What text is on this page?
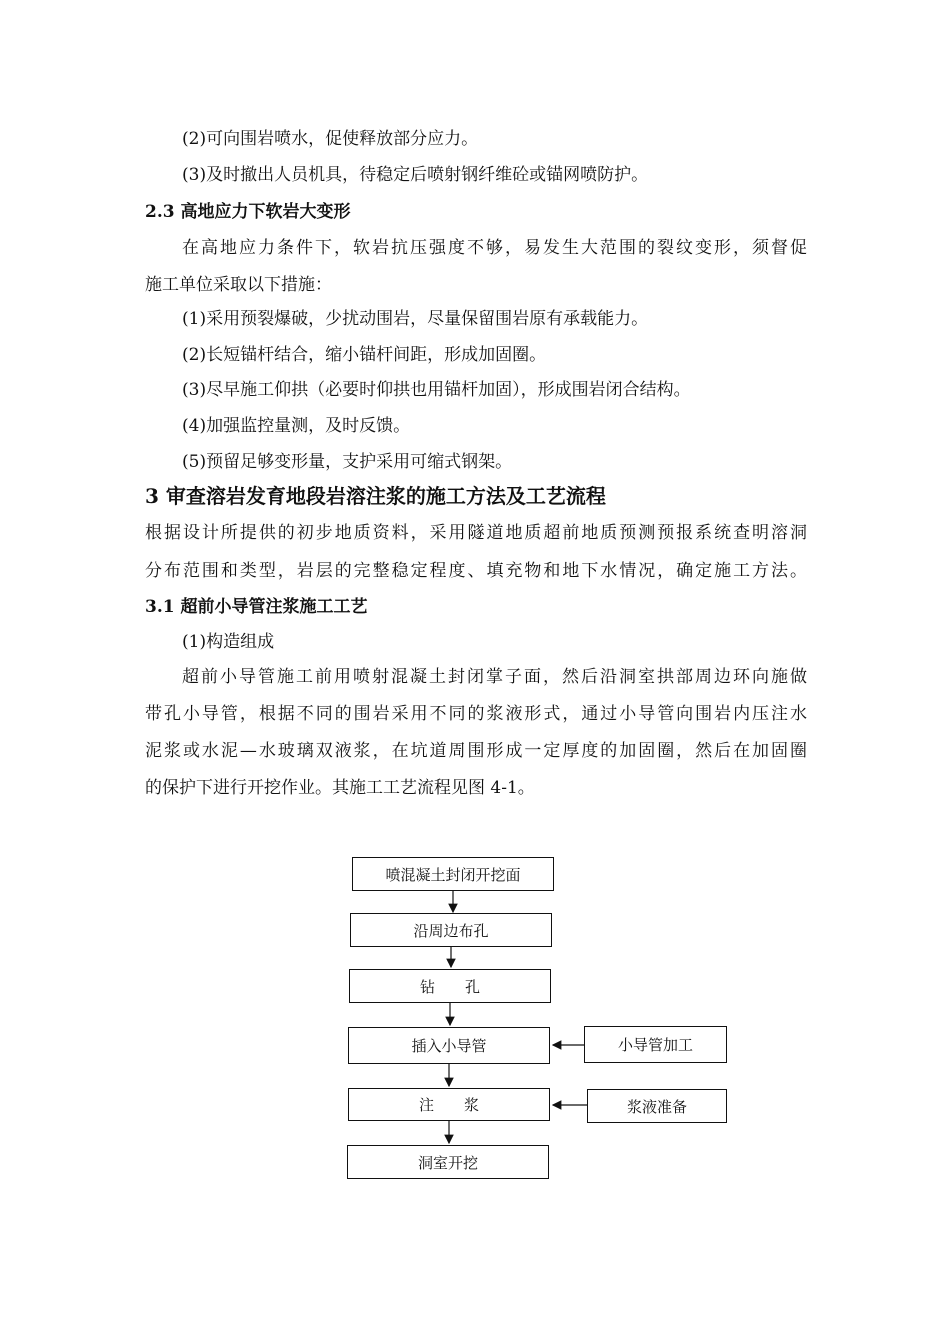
(2)可向围岩喷水，促使释放部分应力。
(3)及时撤出人员机具，待稳定后喷射钢纤维砼或锚网喷防护。
2.3 高地应力下软岩大变形
在高地应力条件下，软岩抗压强度不够，易发生大范围的裂纹变形，须督促
施工单位采取以下措施：
(1)采用预裂爆破，少扰动围岩，尽量保留围岩原有承载能力。
(2)长短锚杆结合，缩小锚杆间距，形成加固圈。
(3)尽早施工仰拱（必要时仰拱也用锚杆加固），形成围岩闭合结构。
(4)加强监控量测，及时反馈。
(5)预留足够变形量，支护采用可缩式钢架。
3 审查溶岩发育地段岩溶注浆的施工方法及工艺流程
根据设计所提供的初步地质资料，采用隧道地质超前地质预测预报系统查明溶洞
分布范围和类型，岩层的完整稳定程度、填充物和地下水情况，确定施工方法。
3.1 超前小导管注浆施工工艺
(1)构造组成
超前小导管施工前用喷射混凝土封闭掌子面，然后沿洞室拱部周边环向施做
带孔小导管，根据不同的围岩采用不同的浆液形式，通过小导管向围岩内压注水
泥浆或水泥—水玻璃双液浆，在坑道周围形成一定厚度的加固圈，然后在加固圈
的保护下进行开挖作业。其施工工艺流程见图 4-1。
喷混凝土封闭开挖面
沿周边布孔
钻　　孔
插入小导管
注　　浆
洞室开挖
小导管加工
浆液准备
